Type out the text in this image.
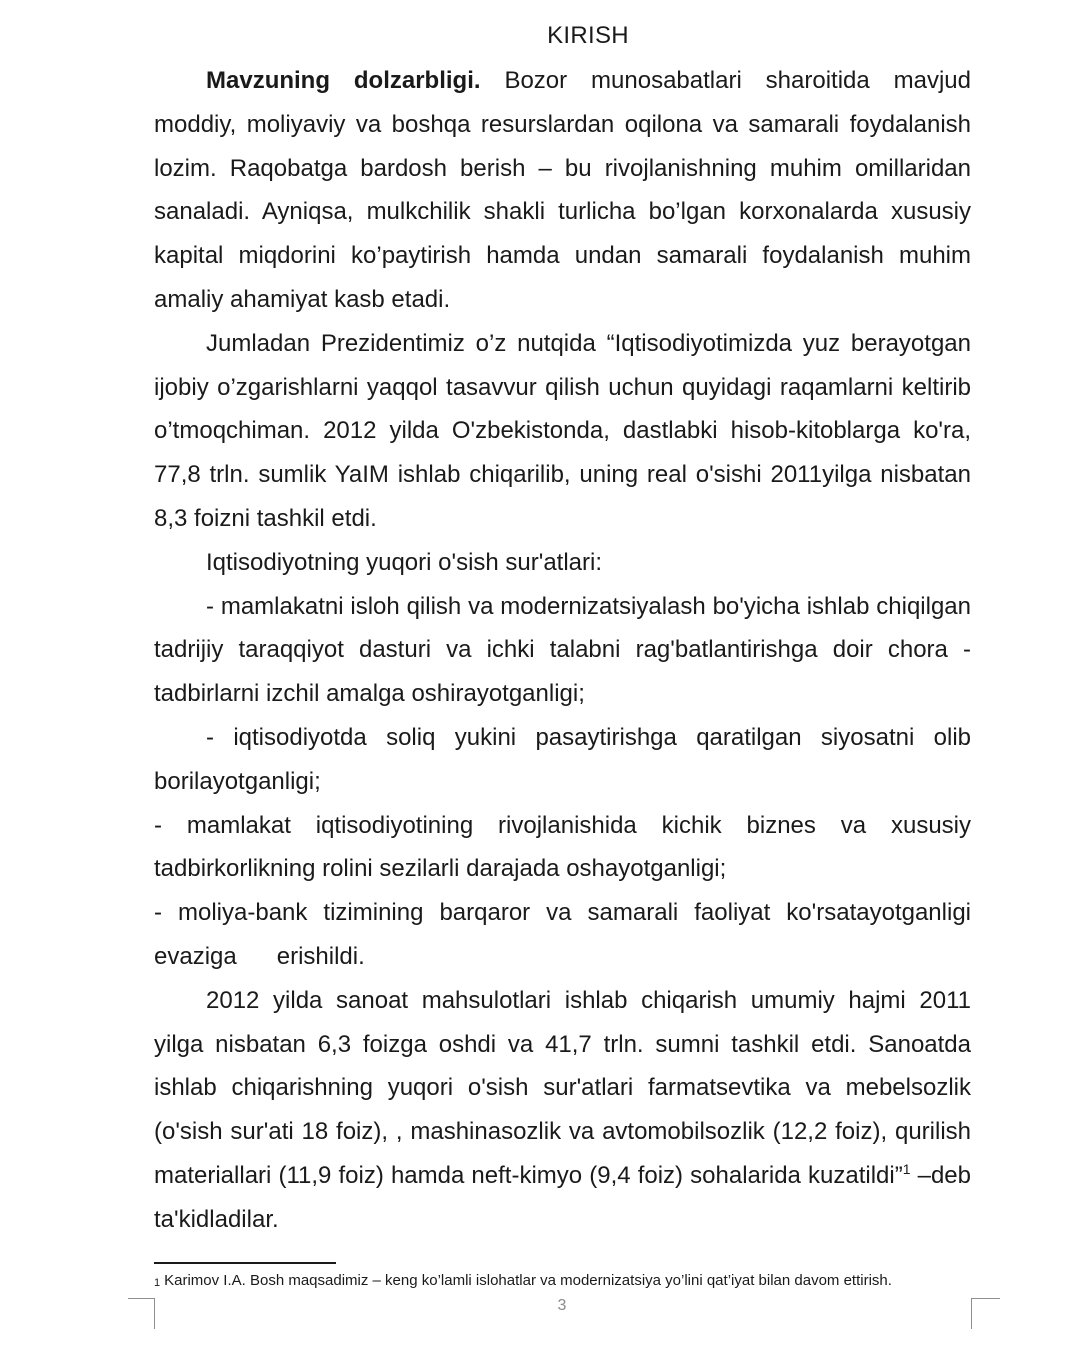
KIRISH

Mavzuning dolzarbligi. Bozor munosabatlari sharoitida mavjud moddiy, moliyaviy va boshqa resurslardan oqilona va samarali foydalanish lozim. Raqobatga bardosh berish – bu rivojlanishning muhim omillaridan sanaladi. Ayniqsa, mulkchilik shakli turlicha bo’lgan korxonalarda xususiy kapital miqdorini ko’paytirish hamda undan samarali foydalanish muhim amaliy ahamiyat kasb etadi.

Jumladan Prezidentimiz o’z nutqida “Iqtisodiyotimizda yuz berayotgan ijobiy o’zgarishlarni yaqqol tasavvur qilish uchun quyidagi raqamlarni keltirib o’tmoqchiman. 2012 yilda O'zbekistonda, dastlabki hisob-kitoblarga ko'ra, 77,8 trln. sumlik YaIM ishlab chiqarilib, uning real o'sishi 2011yilga nisbatan 8,3 foizni tashkil etdi.

Iqtisodiyotning yuqori o'sish sur'atlari:

- mamlakatni isloh qilish va modernizatsiyalash bo'yicha ishlab chiqilgan tadrijiy taraqqiyot dasturi va ichki talabni rag'batlantirishga doir chora - tadbirlarni izchil amalga oshirayotganligi;

- iqtisodiyotda soliq yukini pasaytirishga qaratilgan siyosatni olib borilayotganligi;

- mamlakat iqtisodiyotining rivojlanishida kichik biznes va xususiy tadbirkorlikning rolini sezilarli darajada oshayotganligi;

- moliya-bank tizimining barqaror va samarali faoliyat ko'rsatayotganligi evaziga erishildi.

2012 yilda sanoat mahsulotlari ishlab chiqarish umumiy hajmi 2011 yilga nisbatan 6,3 foizga oshdi va 41,7 trln. sumni tashkil etdi. Sanoatda ishlab chiqarishning yuqori o'sish sur'atlari farmatsevtika va mebelsozlik (o'sish sur'ati 18 foiz), , mashinasozlik va avtomobilsozlik (12,2 foiz), qurilish materiallari (11,9 foiz) hamda neft-kimyo (9,4 foiz) sohalarida kuzatildi”$^1$ –deb ta'kidladilar.

$^1$ Karimov I.A. Bosh maqsadimiz – keng ko’lamli islohatlar va modernizatsiya yo’lini qat’iyat bilan davom ettirish.
3
